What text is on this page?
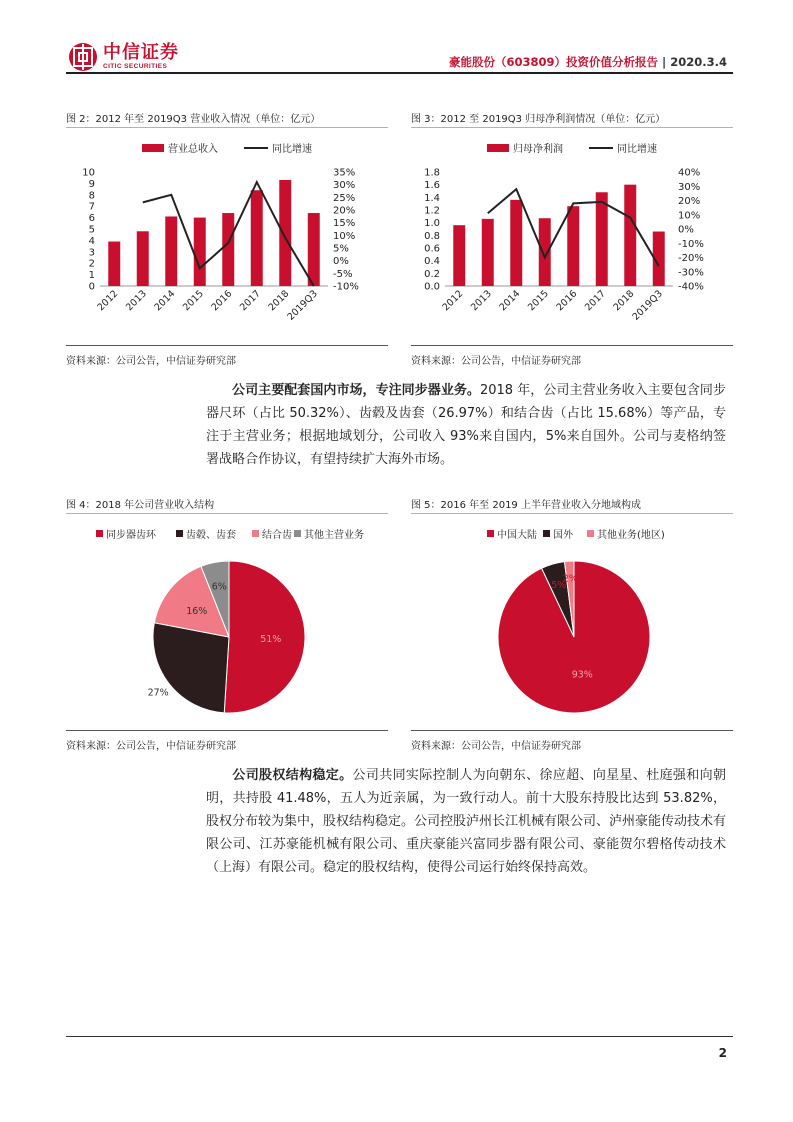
中信证券
CITIC SECURITIES	豪能股份（603809）投资价值分析报告 | 2020.3.4
图 2：2012 年至 2019Q3 营业收入情况（单位：亿元）
营业总收入	同比增速
0
1
2
3
4
5
6
7
8
9
10
-10%
-5%
0%
5%
10%
15%
20%
25%
30%
35%
2012 2013 2014 2015 2016 2017 2018
2019Q3
资料来源：公司公告，中信证券研究部
图 3：2012 至 2019Q3 归母净利润情况（单位：亿元）
归母净利润	同比增速
0.0
0.2
0.4
0.6
0.8
1.0
1.2
1.4
1.6
1.8
-40%
-30%
-20%
-10%
0%
10%
20%
30%
40%
2012 2013 2014 2015 2016 2017 2018
2019Q3
资料来源：公司公告，中信证券研究部
公司主要配套国内市场，专注同步器业务。2018 年，公司主营业务收入主要包含同步器尺环（占比 50.32%）、齿毂及齿套（26.97%）和结合齿（占比 15.68%）等产品，专注于主营业务；根据地域划分，公司收入 93%来自国内，5%来自国外。公司与麦格纳签署战略合作协议，有望持续扩大海外市场。
图 4：2018 年公司营业收入结构
同步器齿环	齿毂、齿套	结合齿 其他主营业务
51%
27%
16%
6%
资料来源：公司公告，中信证券研究部
图 5：2016 年至 2019 上半年营业收入分地域构成
中国大陆 国外 其他业务(地区)
93%
5%
2%
资料来源：公司公告，中信证券研究部
公司股权结构稳定。公司共同实际控制人为向朝东、徐应超、向星星、杜庭强和向朝明，共持股 41.48%，五人为近亲属，为一致行动人。前十大股东持股比达到 53.82%，股权分布较为集中，股权结构稳定。公司控股泸州长江机械有限公司、泸州豪能传动技术有限公司、江苏豪能机械有限公司、重庆豪能兴富同步器有限公司、豪能贺尔碧格传动技术（上海）有限公司。稳定的股权结构，使得公司运行始终保持高效。
2
